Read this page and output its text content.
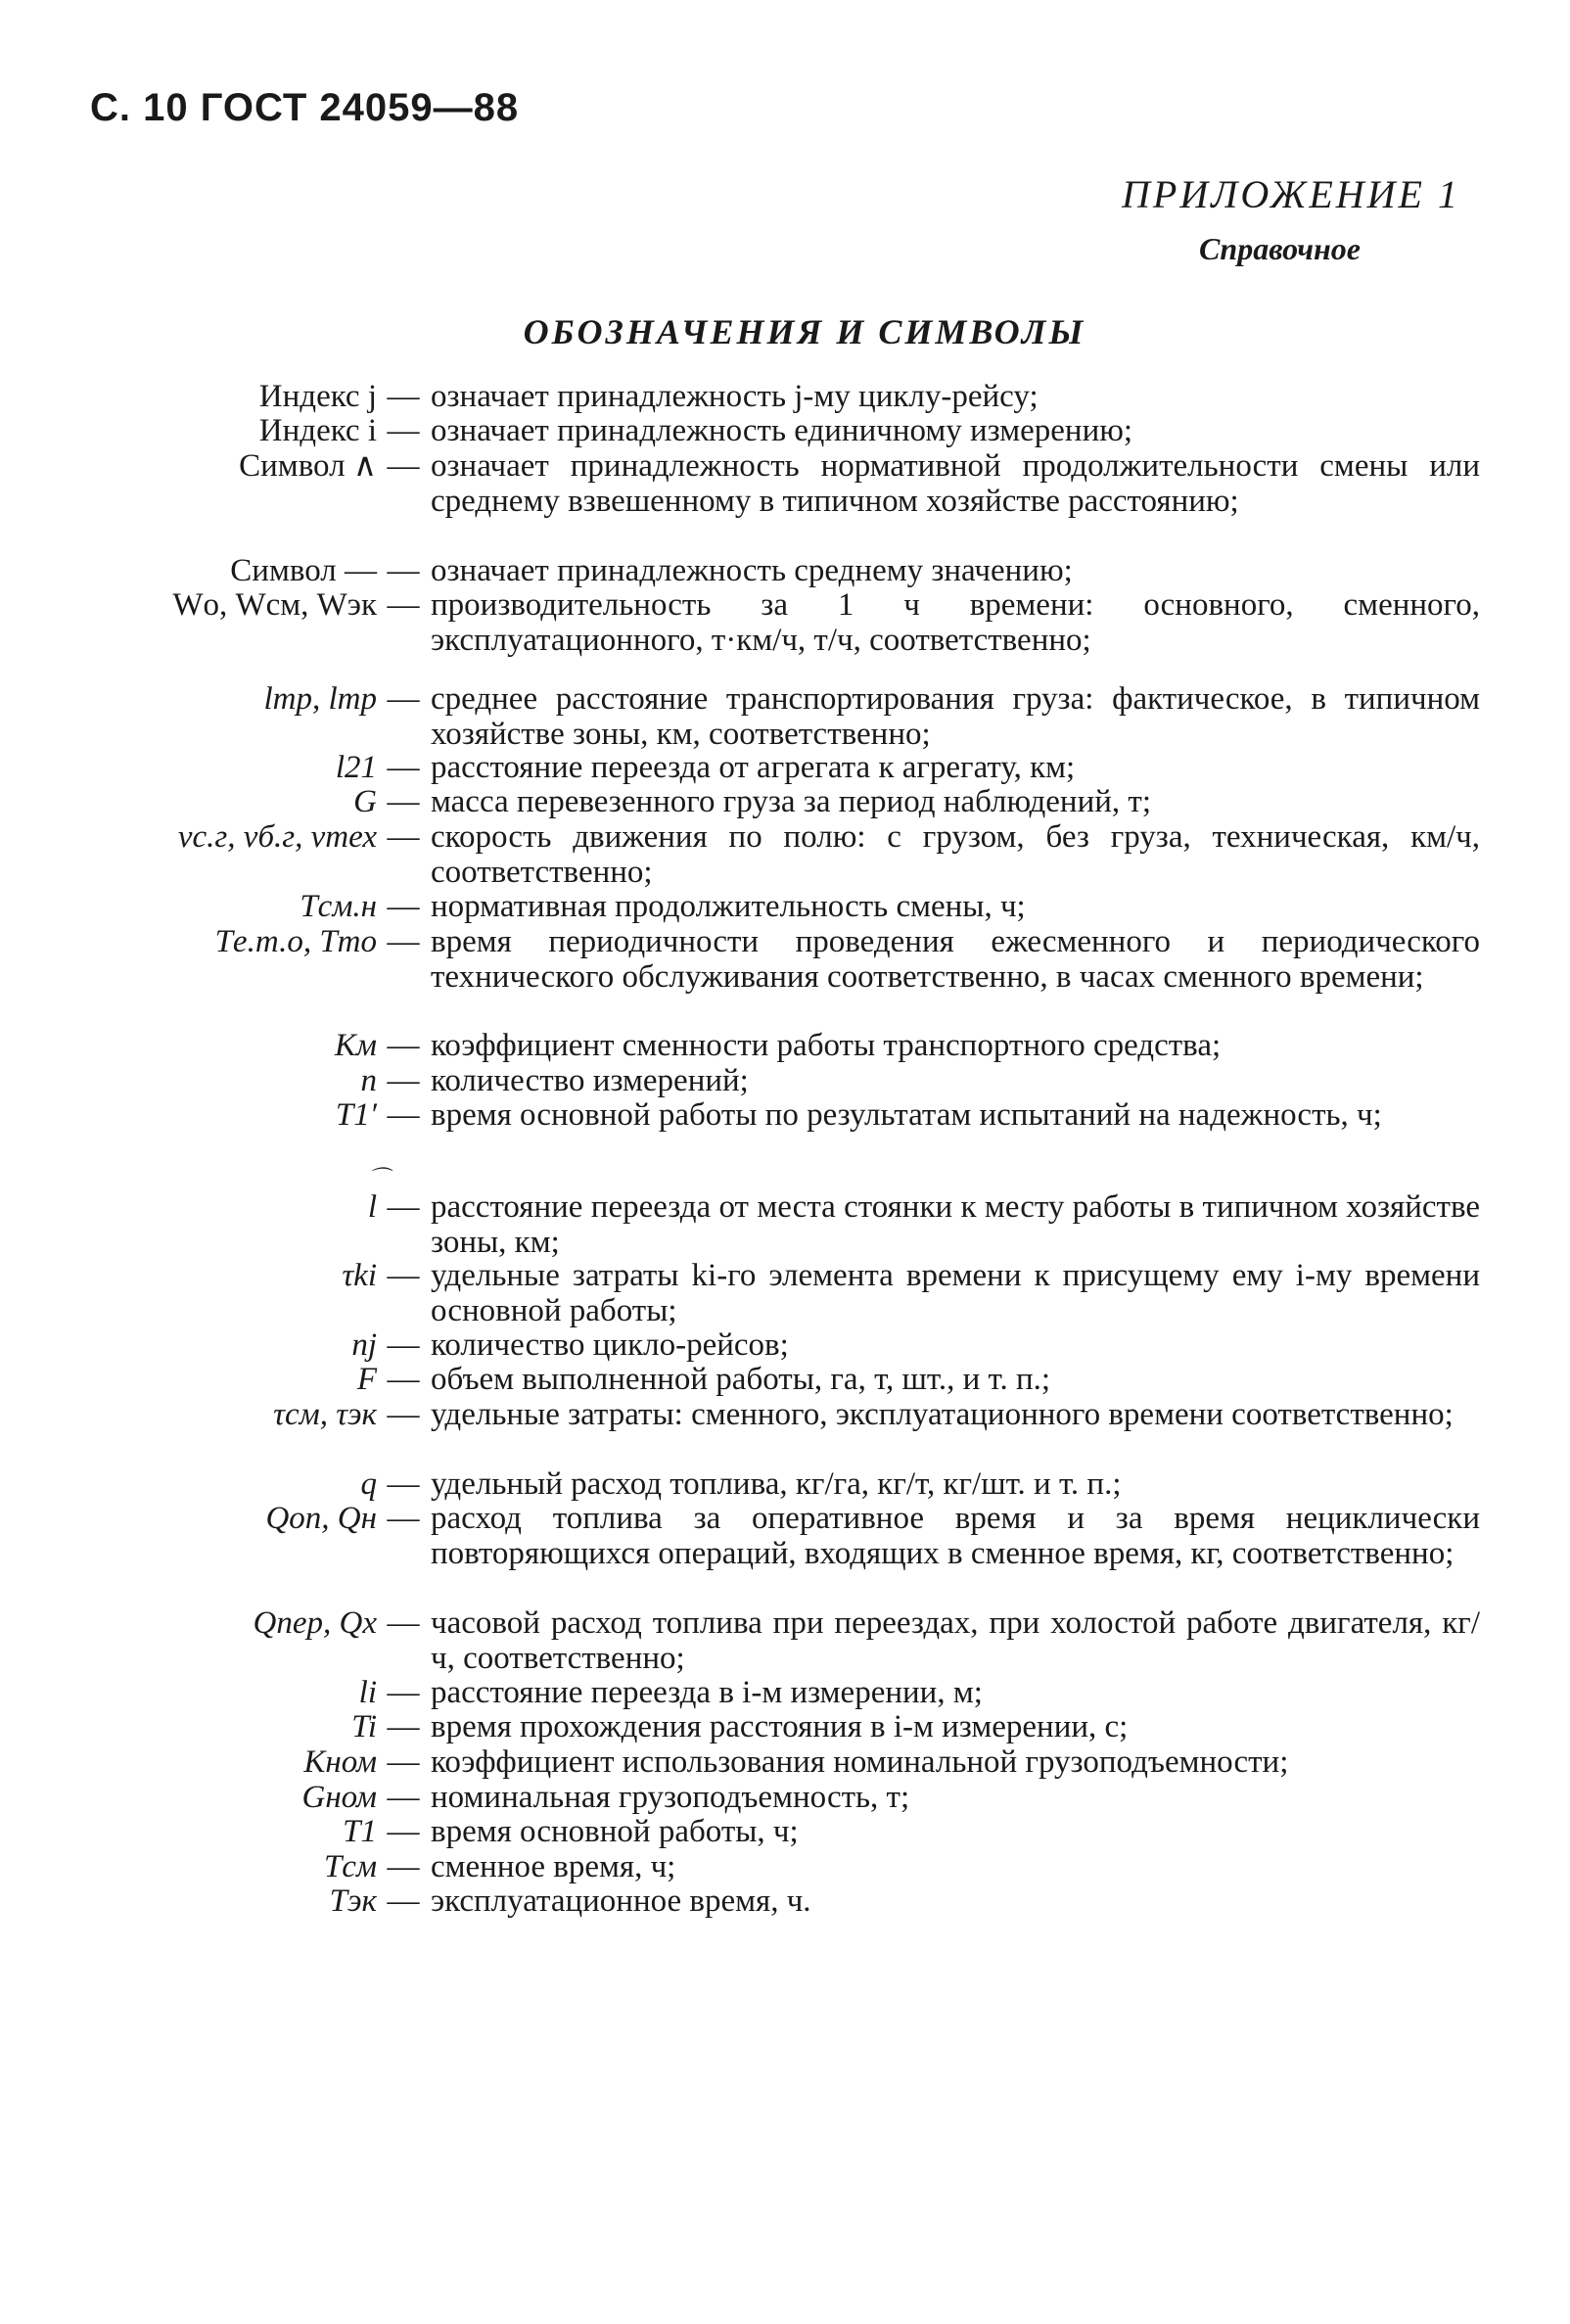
С. 10 ГОСТ 24059—88
ПРИЛОЖЕНИЕ 1
Справочное
ОБОЗНАЧЕНИЯ И СИМВОЛЫ
Индекс j — означает принадлежность j-му циклу-рейсу;
Индекс i — означает принадлежность единичному измерению;
Символ ∧ — означает принадлежность нормативной продолжительности смены или среднему взвешенному в типичном хозяйстве расстоянию;
Символ — — означает принадлежность среднему значению;
Wо, Wсм, Wэк — производительность за 1 ч времени: основного, сменного, эксплуатационного, т·км/ч, т/ч, соответственно;
lтр, lтр — среднее расстояние транспортирования груза: фактическое, в типичном хозяйстве зоны, км, соответственно;
l21 — расстояние переезда от агрегата к агрегату, км;
G — масса перевезенного груза за период наблюдений, т;
vс.г, vб.г, vтех — скорость движения по полю: с грузом, без груза, техническая, км/ч, соответственно;
Tсм.н — нормативная продолжительность смены, ч;
Tе.т.о, Tто — время периодичности проведения ежесменного и периодического технического обслуживания соответственно, в часах сменного времени;
Kм — коэффициент сменности работы транспортного средства;
n — количество измерений;
T1′ — время основной работы по результатам испытаний на надежность, ч;
⌒ l — расстояние переезда от места стоянки к месту работы в типичном хозяйстве зоны, км;
τki — удельные затраты ki-го элемента времени к присущему ему i-му времени основной работы;
nj — количество цикло-рейсов;
F — объем выполненной работы, га, т, шт., и т. п.;
τсм, τэк — удельные затраты: сменного, эксплуатационного времени соответственно;
q — удельный расход топлива, кг/га, кг/т, кг/шт. и т. п.;
Qоп, Qн — расход топлива за оперативное время и за время нециклически повторяющихся операций, входящих в сменное время, кг, соответственно;
Qпер, Qх — часовой расход топлива при переездах, при холостой работе двигателя, кг/ч, соответственно;
li — расстояние переезда в i-м измерении, м;
Ti — время прохождения расстояния в i-м измерении, с;
Kном — коэффициент использования номинальной грузоподъемности;
Gном — номинальная грузоподъемность, т;
T1 — время основной работы, ч;
Tсм — сменное время, ч;
Tэк — эксплуатационное время, ч.
